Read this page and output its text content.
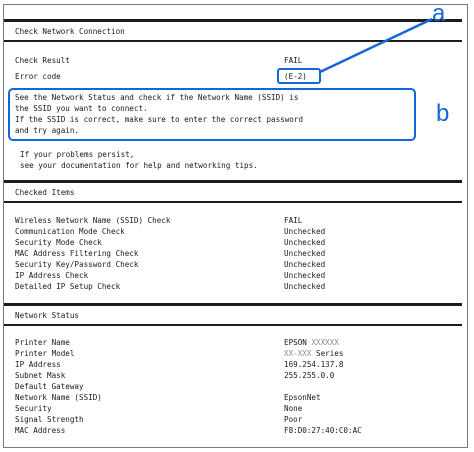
Check Network Connection
Check Result	FAIL
Error code	(E-2)
See the Network Status and check if the Network Name (SSID) is
the SSID you want to connect.
If the SSID is correct, make sure to enter the correct password
and try again.
If your problems persist,
see your documentation for help and networking tips.
a
b
Checked Items
Wireless Network Name (SSID) Check	FAIL
Communication Mode Check	Unchecked
Security Mode Check	Unchecked
MAC Address Filtering Check	Unchecked
Security Key/Password Check	Unchecked
IP Address Check	Unchecked
Detailed IP Setup Check	Unchecked
Network Status
Printer Name	EPSON XXXXXX
Printer Model	XX-XXX Series
IP Address	169.254.137.8
Subnet Mask	255.255.0.0
Default Gateway
Network Name (SSID)	EpsonNet
Security	None
Signal Strength	Poor
MAC Address	F8:D0:27:40:C0:AC
